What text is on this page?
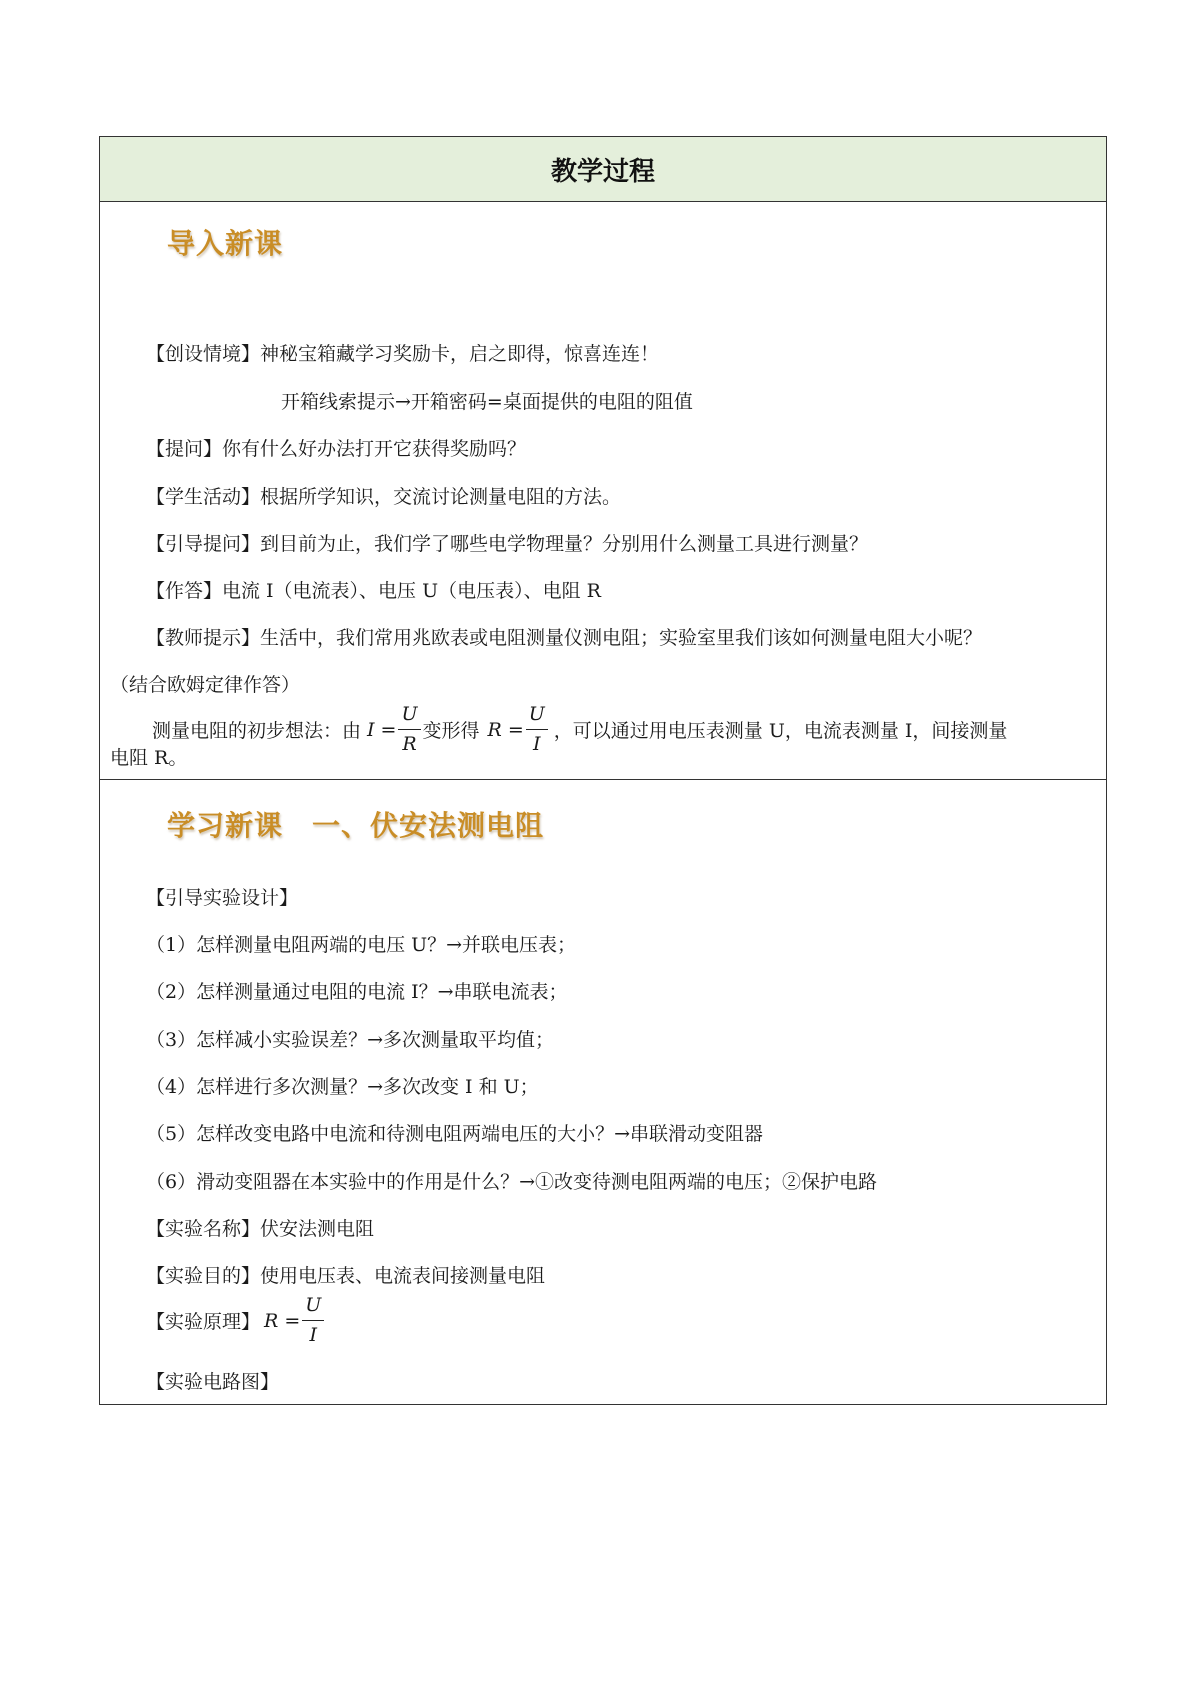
教学过程
导入新课
【创设情境】神秘宝箱藏学习奖励卡，启之即得，惊喜连连！
开箱线索提示→开箱密码=桌面提供的电阻的阻值
【提问】你有什么好办法打开它获得奖励吗？
【学生活动】根据所学知识，交流讨论测量电阻的方法。
【引导提问】到目前为止，我们学了哪些电学物理量？分别用什么测量工具进行测量？
【作答】电流 I（电流表）、电压 U（电压表）、电阻 R
【教师提示】生活中，我们常用兆欧表或电阻测量仪测电阻；实验室里我们该如何测量电阻大小呢？
（结合欧姆定律作答）
测量电阻的初步想法：由 $I = \frac{U}{R}$ 变形得 $R = \frac{U}{I}$ ，可以通过用电压表测量 U，电流表测量 I，间接测量
电阻 R。
学习新课　一、伏安法测电阻
【引导实验设计】
（1）怎样测量电阻两端的电压 U？→并联电压表；
（2）怎样测量通过电阻的电流 I？→串联电流表；
（3）怎样减小实验误差？→多次测量取平均值；
（4）怎样进行多次测量？→多次改变 I 和 U；
（5）怎样改变电路中电流和待测电阻两端电压的大小？→串联滑动变阻器
（6）滑动变阻器在本实验中的作用是什么？→①改变待测电阻两端的电压；②保护电路
【实验名称】伏安法测电阻
【实验目的】使用电压表、电流表间接测量电阻
【实验原理】 $R = \frac{U}{I}$
【实验电路图】
